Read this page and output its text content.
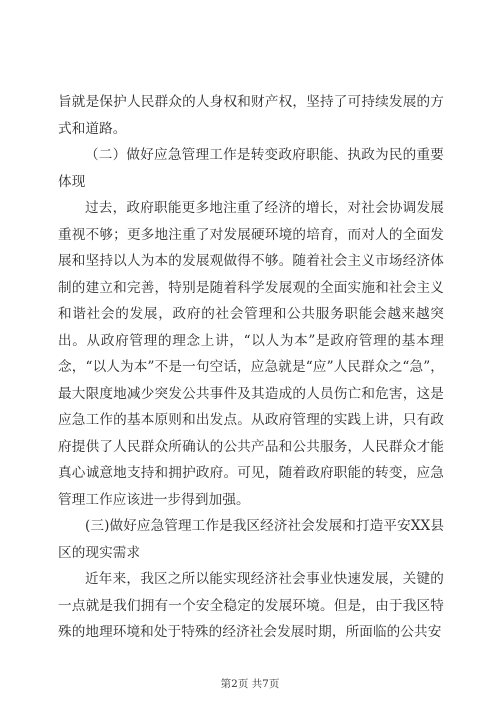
旨就是保护人民群众的人身权和财产权，坚持了可持续发展的方式和道路。

（二）做好应急管理工作是转变政府职能、执政为民的重要体现

过去，政府职能更多地注重了经济的增长，对社会协调发展重视不够；更多地注重了对发展硬环境的培育，而对人的全面发展和坚持以人为本的发展观做得不够。随着社会主义市场经济体制的建立和完善，特别是随着科学发展观的全面实施和社会主义和谐社会的发展，政府的社会管理和公共服务职能会越来越突出。从政府管理的理念上讲，“以人为本”是政府管理的基本理念，“以人为本”不是一句空话，应急就是“应”人民群众之“急”，最大限度地减少突发公共事件及其造成的人员伤亡和危害，这是应急工作的基本原则和出发点。从政府管理的实践上讲，只有政府提供了人民群众所确认的公共产品和公共服务，人民群众才能真心诚意地支持和拥护政府。可见，随着政府职能的转变，应急管理工作应该进一步得到加强。

(三)做好应急管理工作是我区经济社会发展和打造平安XX县区的现实需求

近年来，我区之所以能实现经济社会事业快速发展，关键的一点就是我们拥有一个安全稳定的发展环境。但是，由于我区特殊的地理环境和处于特殊的经济社会发展时期，所面临的公共安

第2页 共7页
